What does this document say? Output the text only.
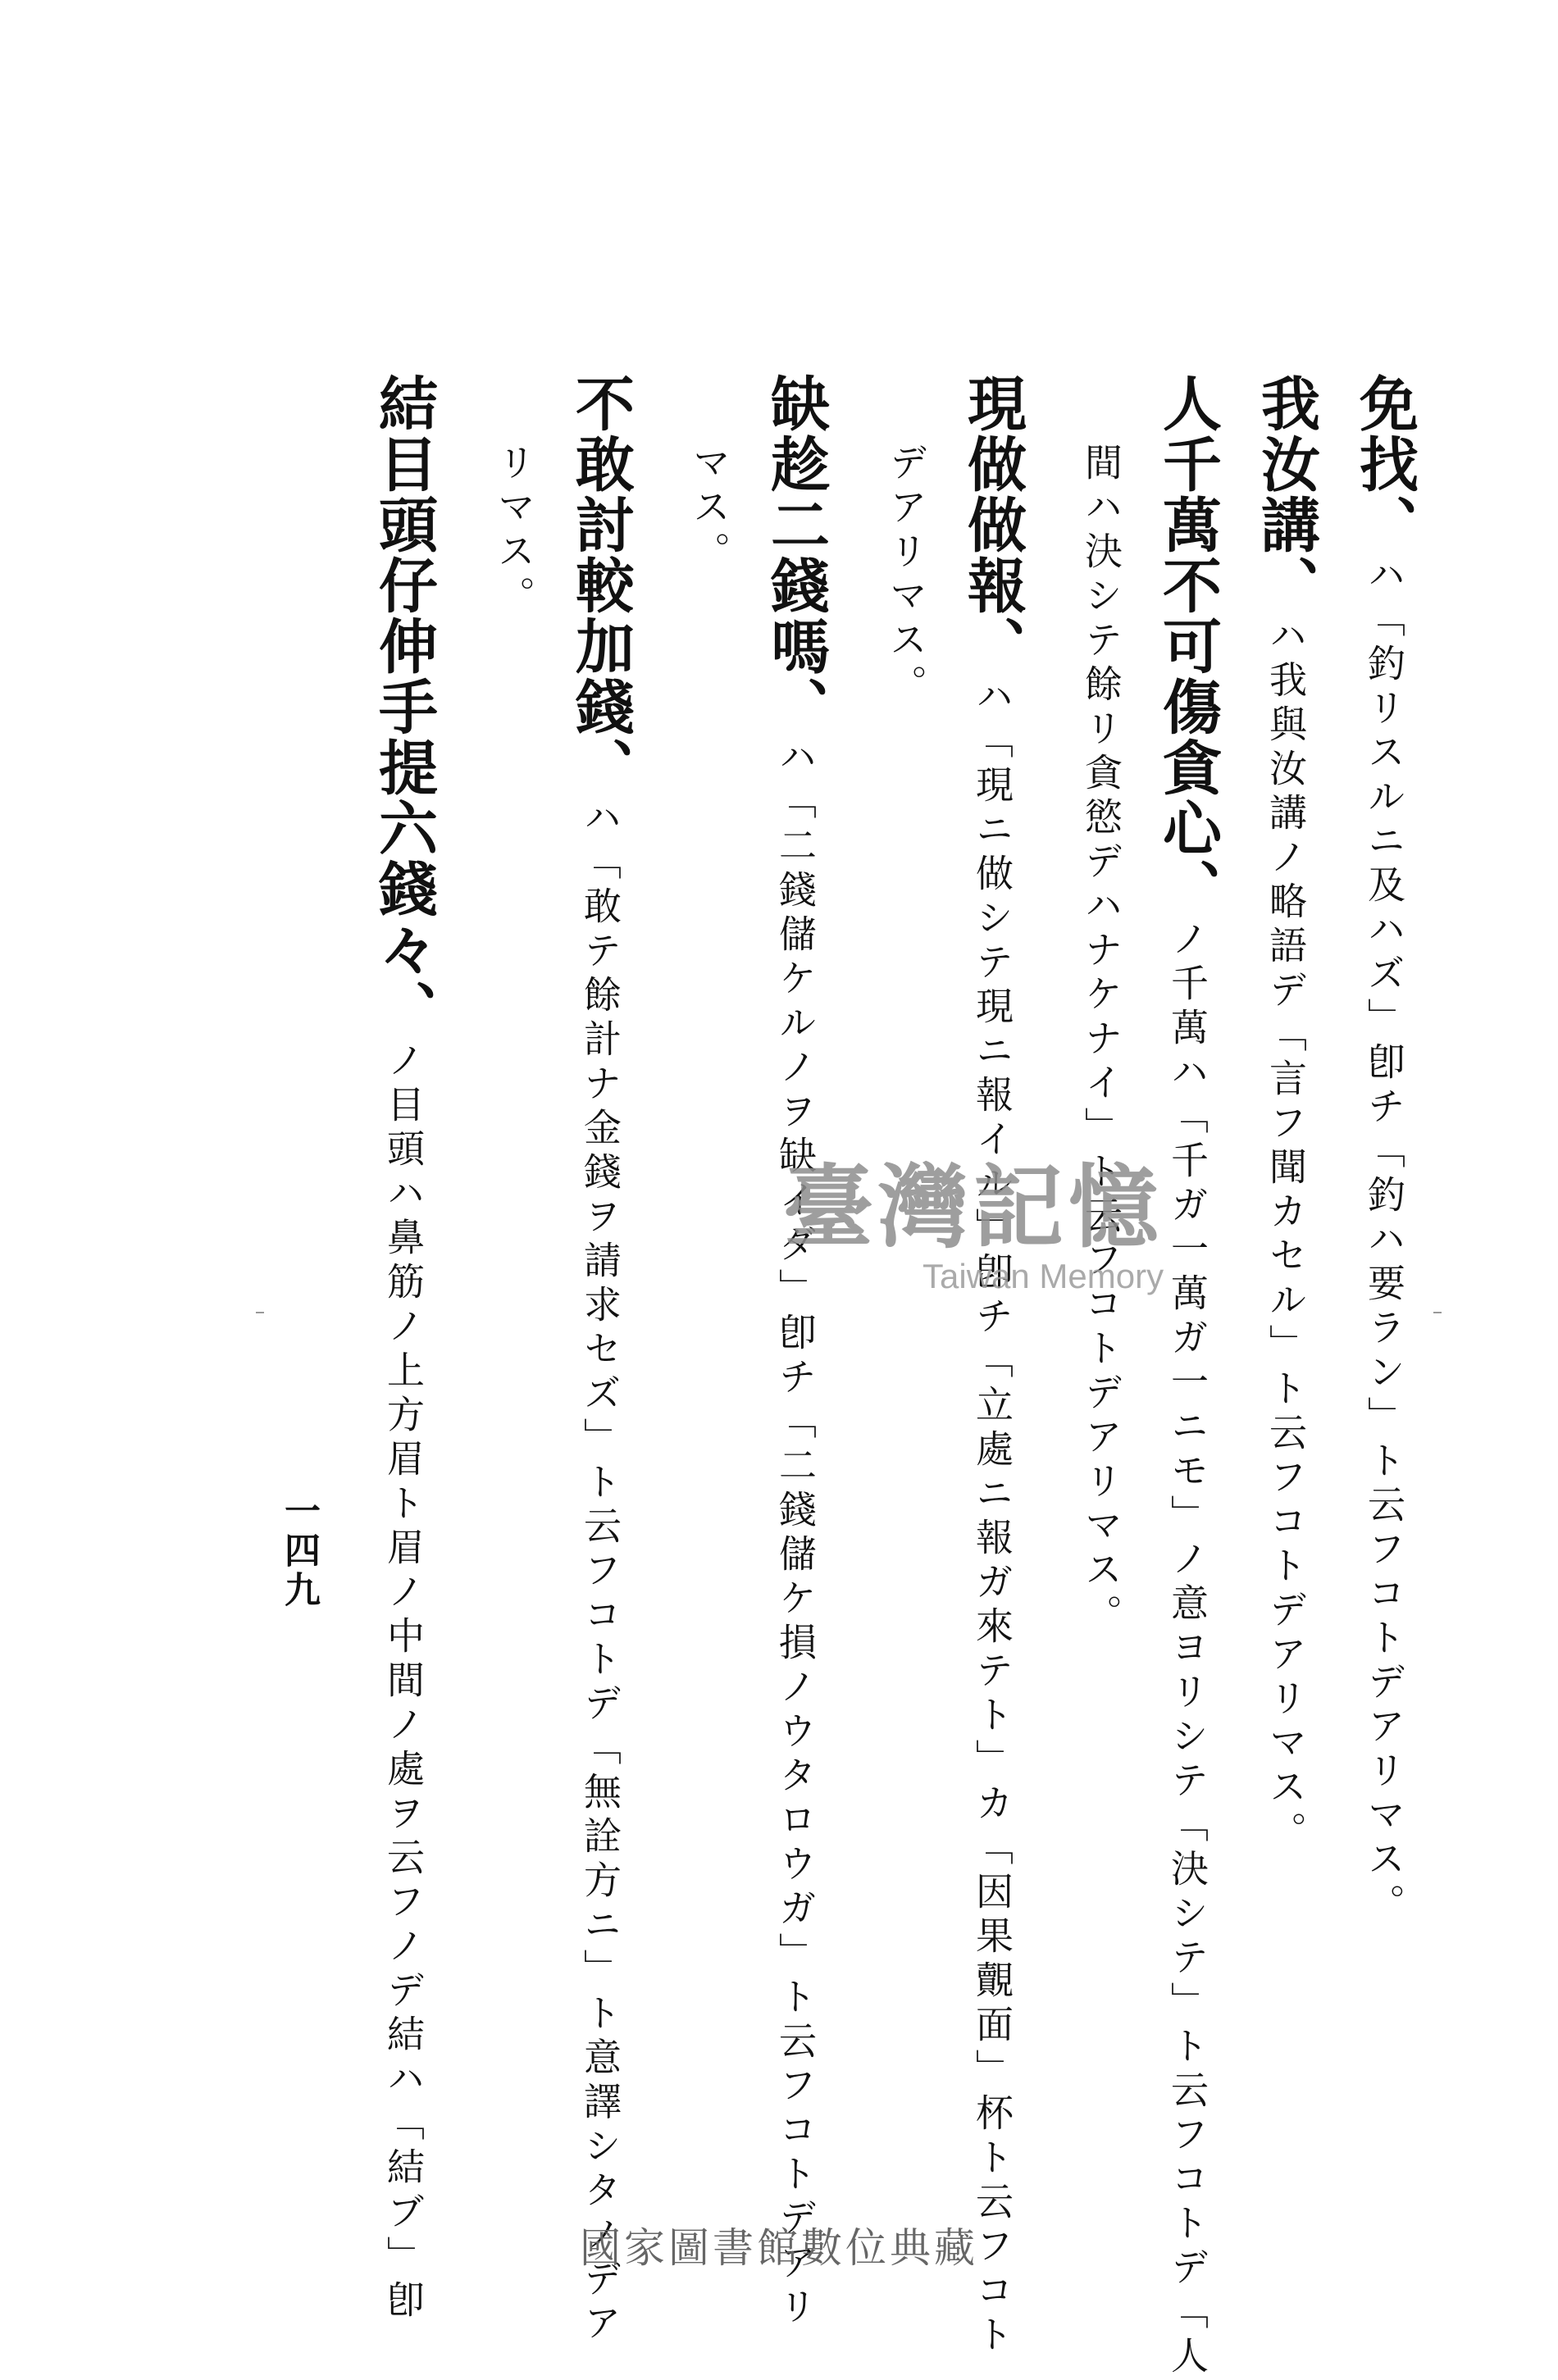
免找、ハ「釣リスルニ及ハズ」卽チ「釣ハ要ラン」ト云フコトデアリマス。
我汝講、ハ我與汝講ノ略語デ「言フ聞カセル」ト云フコトデアリマス。
人千萬不可傷貪心、ノ千萬ハ「千ガ一萬ガ一ニモ」ノ意ヨリシテ「決シテ」ト云フコトデ「人
間ハ決シテ餘リ貪慾デハナケナイ」ト云フコトデアリマス。
現做做報、ハ「現ニ做シテ現ニ報イル」卽チ「立處ニ報ガ來テト」カ「因果覿面」杯ト云フコト
デアリマス。
缺趁二錢嗎、ハ「二錢儲ケルノヲ缺イダ」卽チ「二錢儲ケ損ノウタロウガ」ト云フコトデアリ
マス。
不敢討較加錢、ハ「敢テ餘計ナ金錢ヲ請求セズ」ト云フコトデ「無詮方ニ」ト意譯シタノデア
リマス。
結目頭仔伸手提六錢々、ノ目頭ハ鼻筋ノ上方眉ト眉ノ中間ノ處ヲ云フノデ結ハ「結ブ」卽
一四九
臺灣記憶
Taiwan Memory
國家圖書館數位典藏
